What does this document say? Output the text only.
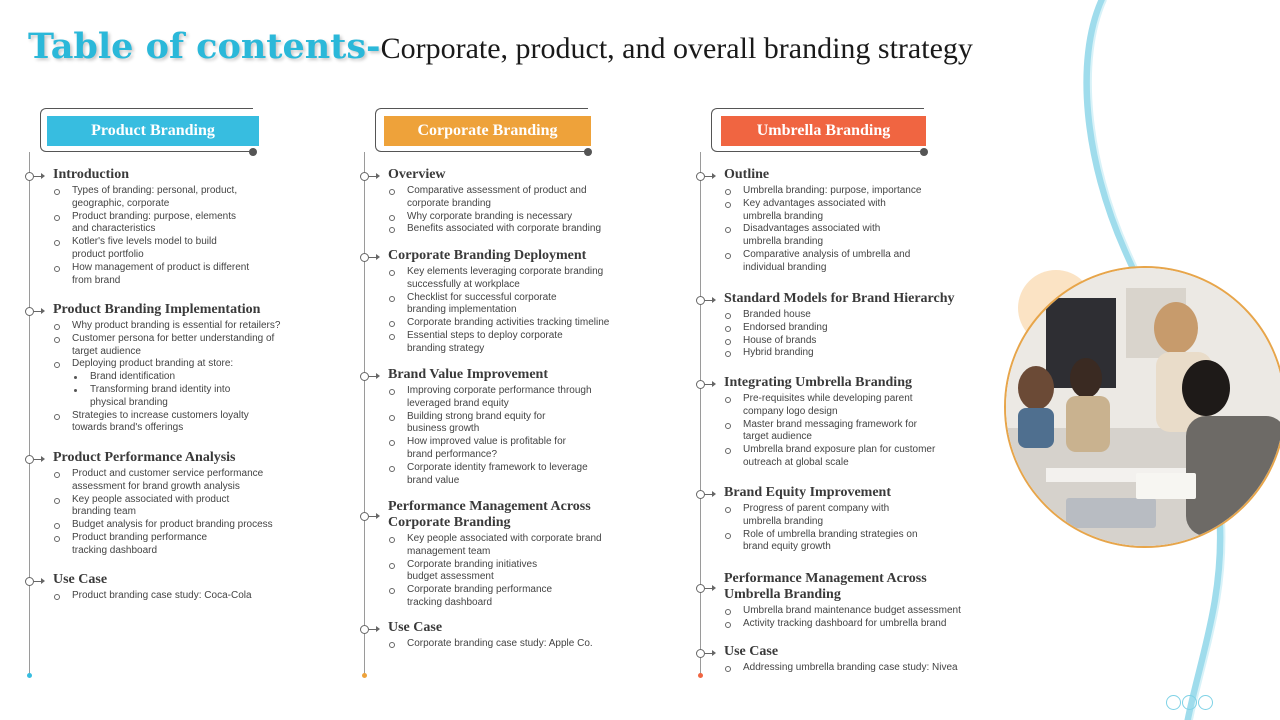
Table of contents-Corporate, product, and overall branding strategy
Product Branding
Introduction
Types of branding: personal, product,
geographic, corporate
Product branding: purpose, elements
and characteristics
Kotler's five levels model to build
product portfolio
How management of product is different
from brand
Product Branding Implementation
Why product branding is essential for retailers?
Customer persona for better understanding of
target audience
Deploying product branding at store:
Brand identification
Transforming brand identity into
physical branding
Strategies to increase customers loyalty
towards brand's offerings
Product Performance Analysis
Product and customer service performance
assessment for brand growth analysis
Key people associated with product
branding team
Budget analysis for product branding process
Product branding performance
tracking dashboard
Use Case
Product branding case study: Coca-Cola
Corporate Branding
Overview
Comparative assessment of product and
corporate branding
Why corporate branding is necessary
Benefits associated with corporate branding
Corporate Branding Deployment
Key elements leveraging corporate branding
successfully at workplace
Checklist for successful corporate
branding implementation
Corporate branding activities tracking timeline
Essential steps to deploy corporate
branding strategy
Brand Value Improvement
Improving corporate performance through
leveraged brand equity
Building strong brand equity for
business growth
How improved value is profitable for
brand performance?
Corporate identity framework to leverage
brand value
Performance Management Across
Corporate Branding
Key people associated with corporate brand
management team
Corporate branding initiatives
budget assessment
Corporate branding performance
tracking dashboard
Use Case
Corporate branding case study: Apple Co.
Umbrella Branding
Outline
Umbrella branding: purpose, importance
Key advantages associated with
umbrella branding
Disadvantages associated with
umbrella branding
Comparative analysis of umbrella and
individual branding
Standard Models for Brand Hierarchy
Branded house
Endorsed branding
House of brands
Hybrid branding
Integrating Umbrella Branding
Pre-requisites while developing parent
company logo design
Master brand messaging framework for
target audience
Umbrella brand exposure plan for customer
outreach at global scale
Brand Equity Improvement
Progress of parent company with
umbrella branding
Role of umbrella branding strategies on
brand equity growth
Performance Management Across
Umbrella Branding
Umbrella brand maintenance budget assessment
Activity tracking dashboard for umbrella brand
Use Case
Addressing umbrella branding case study: Nivea
